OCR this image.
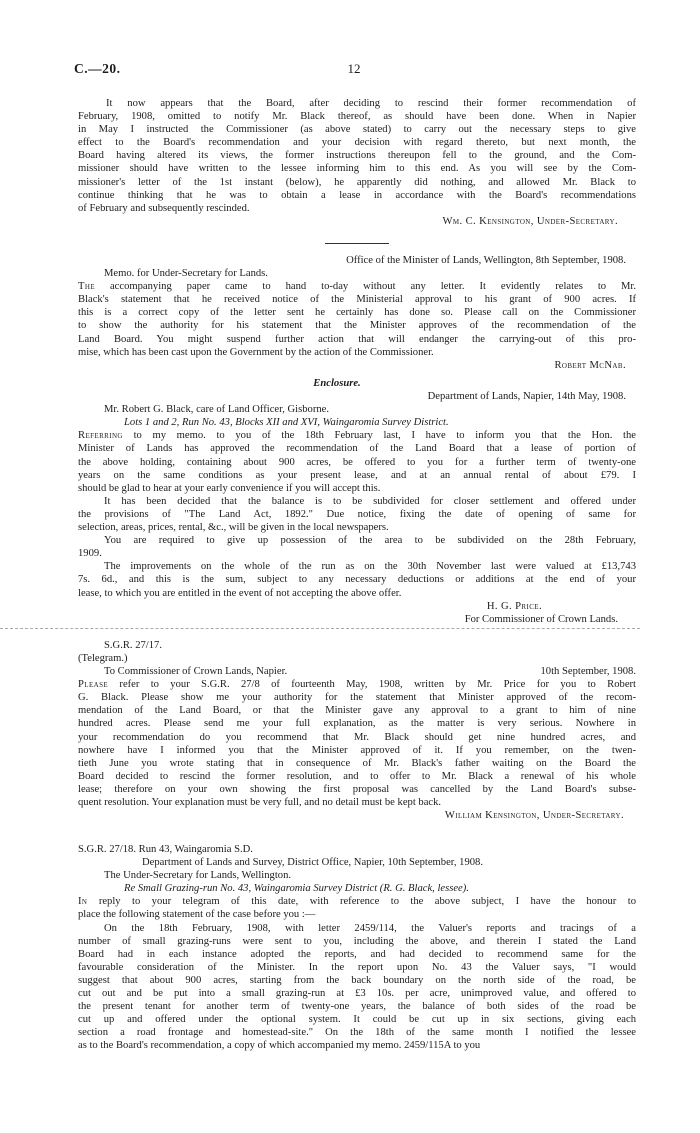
C.—20.	12

It now appears that the Board, after deciding to rescind their former recommendation of

February, 1908, omitted to notify Mr. Black thereof, as should have been done. When in Napier

in May I instructed the Commissioner (as above stated) to carry out the necessary steps to give

effect to the Board's recommendation and your decision with regard thereto, but next month, the

Board having altered its views, the former instructions thereupon fell to the ground, and the Com-

missioner should have written to the lessee informing him to this end. As you will see by the Com-

missioner's letter of the 1st instant (below), he apparently did nothing, and allowed Mr. Black to

continue thinking that he was to obtain a lease in accordance with the Board's recommendations

of February and subsequently rescinded.

Wm. C. Kensington, Under-Secretary.

Office of the Minister of Lands, Wellington, 8th September, 1908.

Memo. for Under-Secretary for Lands.

The accompanying paper came to hand to-day without any letter. It evidently relates to Mr.

Black's statement that he received notice of the Ministerial approval to his grant of 900 acres. If

this is a correct copy of the letter sent he certainly has done so. Please call on the Commissioner

to show the authority for his statement that the Minister approves of the recommendation of the

Land Board. You might suspend further action that will endanger the carrying-out of this pro-

mise, which has been cast upon the Government by the action of the Commissioner.

Robert McNab.

Enclosure.

Department of Lands, Napier, 14th May, 1908.

Mr. Robert G. Black, care of Land Officer, Gisborne.

Lots 1 and 2, Run No. 43, Blocks XII and XVI, Waingaromia Survey District.

Referring to my memo. to you of the 18th February last, I have to inform you that the Hon. the

Minister of Lands has approved the recommendation of the Land Board that a lease of portion of

the above holding, containing about 900 acres, be offered to you for a further term of twenty-one

years on the same conditions as your present lease, and at an annual rental of about £79. I

should be glad to hear at your early convenience if you will accept this.

It has been decided that the balance is to be subdivided for closer settlement and offered under

the provisions of "The Land Act, 1892." Due notice, fixing the date of opening of same for

selection, areas, prices, rental, &c., will be given in the local newspapers.

You are required to give up possession of the area to be subdivided on the 28th February,

1909.

The improvements on the whole of the run as on the 30th November last were valued at £13,743

7s. 6d., and this is the sum, subject to any necessary deductions or additions at the end of your

lease, to which you are entitled in the event of not accepting the above offer.

H. G. Price.

For Commissioner of Crown Lands.

S.G.R. 27/17.

(Telegram.)

To Commissioner of Crown Lands, Napier.	10th September, 1908.

Please refer to your S.G.R. 27/8 of fourteenth May, 1908, written by Mr. Price for you to Robert

G. Black. Please show me your authority for the statement that Minister approved of the recom-

mendation of the Land Board, or that the Minister gave any approval to a grant to him of nine

hundred acres. Please send me your full explanation, as the matter is very serious. Nowhere in

your recommendation do you recommend that Mr. Black should get nine hundred acres, and

nowhere have I informed you that the Minister approved of it. If you remember, on the twen-

tieth June you wrote stating that in consequence of Mr. Black's father waiting on the Board the

Board decided to rescind the former resolution, and to offer to Mr. Black a renewal of his whole

lease; therefore on your own showing the first proposal was cancelled by the Land Board's subse-

quent resolution. Your explanation must be very full, and no detail must be kept back.

William Kensington, Under-Secretary.

S.G.R. 27/18. Run 43, Waingaromia S.D.

Department of Lands and Survey, District Office, Napier, 10th September, 1908.

The Under-Secretary for Lands, Wellington.

Re Small Grazing-run No. 43, Waingaromia Survey District (R. G. Black, lessee).

In reply to your telegram of this date, with reference to the above subject, I have the honour to

place the following statement of the case before you :—

On the 18th February, 1908, with letter 2459/114, the Valuer's reports and tracings of a

number of small grazing-runs were sent to you, including the above, and therein I stated the Land

Board had in each instance adopted the reports, and had decided to recommend same for the

favourable consideration of the Minister. In the report upon No. 43 the Valuer says, "I would

suggest that about 900 acres, starting from the back boundary on the north side of the road, be

cut out and be put into a small grazing-run at £3 10s. per acre, unimproved value, and offered to

the present tenant for another term of twenty-one years, the balance of both sides of the road be

cut up and offered under the optional system. It could be cut up in six sections, giving each

section a road frontage and homestead-site." On the 18th of the same month I notified the lessee

as to the Board's recommendation, a copy of which accompanied my memo. 2459/115A to you
